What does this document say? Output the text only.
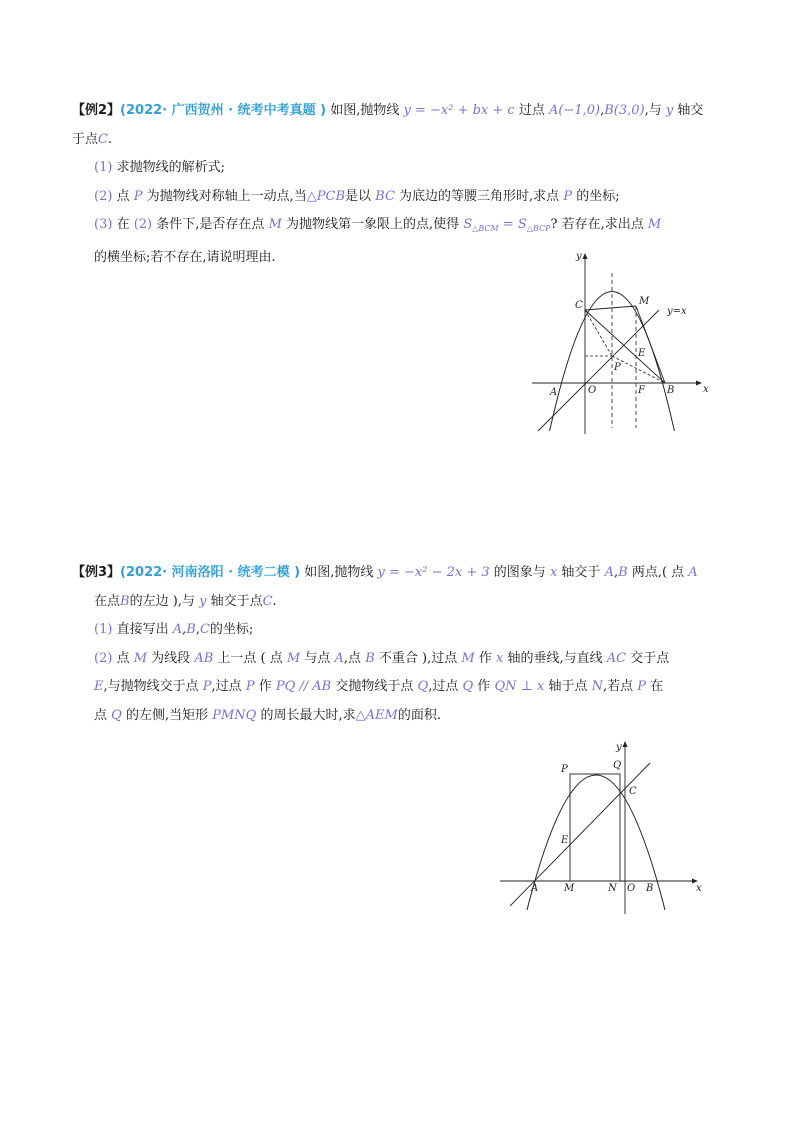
【例2】(2022· 广西贺州 · 统考中考真题 ) 如图,抛物线 y = −x² + bx + c 过点 A(−1,0),B(3,0),与 y 轴交
于点C.
(1) 求抛物线的解析式;
(2) 点 P 为抛物线对称轴上一动点,当△PCB是以 BC 为底边的等腰三角形时,求点 P 的坐标;
(3) 在 (2) 条件下,是否存在点 M 为抛物线第一象限上的点,使得 $S_{\triangle BCM} = S_{\triangle BCP}$? 若存在,求出点 M
的横坐标;若不存在,请说明理由.	y
x
C	M
y=x
E
P
A	O	F B
【例3】(2022· 河南洛阳 · 统考二模 ) 如图,抛物线 y = −x² − 2x + 3 的图象与 x 轴交于 A,B 两点,( 点 A
在点B的左边 ),与 y 轴交于点C.
(1) 直接写出 A,B,C的坐标;
(2) 点 M 为线段 AB 上一点 ( 点 M 与点 A,点 B 不重合 ),过点 M 作 x 轴的垂线,与直线 AC 交于点
E,与抛物线交于点 P,过点 P 作 PQ // AB 交抛物线于点 Q,过点 Q 作 QN ⊥ x 轴于点 N,若点 P 在
点 Q 的左侧,当矩形 PMNQ 的周长最大时,求△AEM的面积.
y
x
P	Q
C
E
A	M	N O B
